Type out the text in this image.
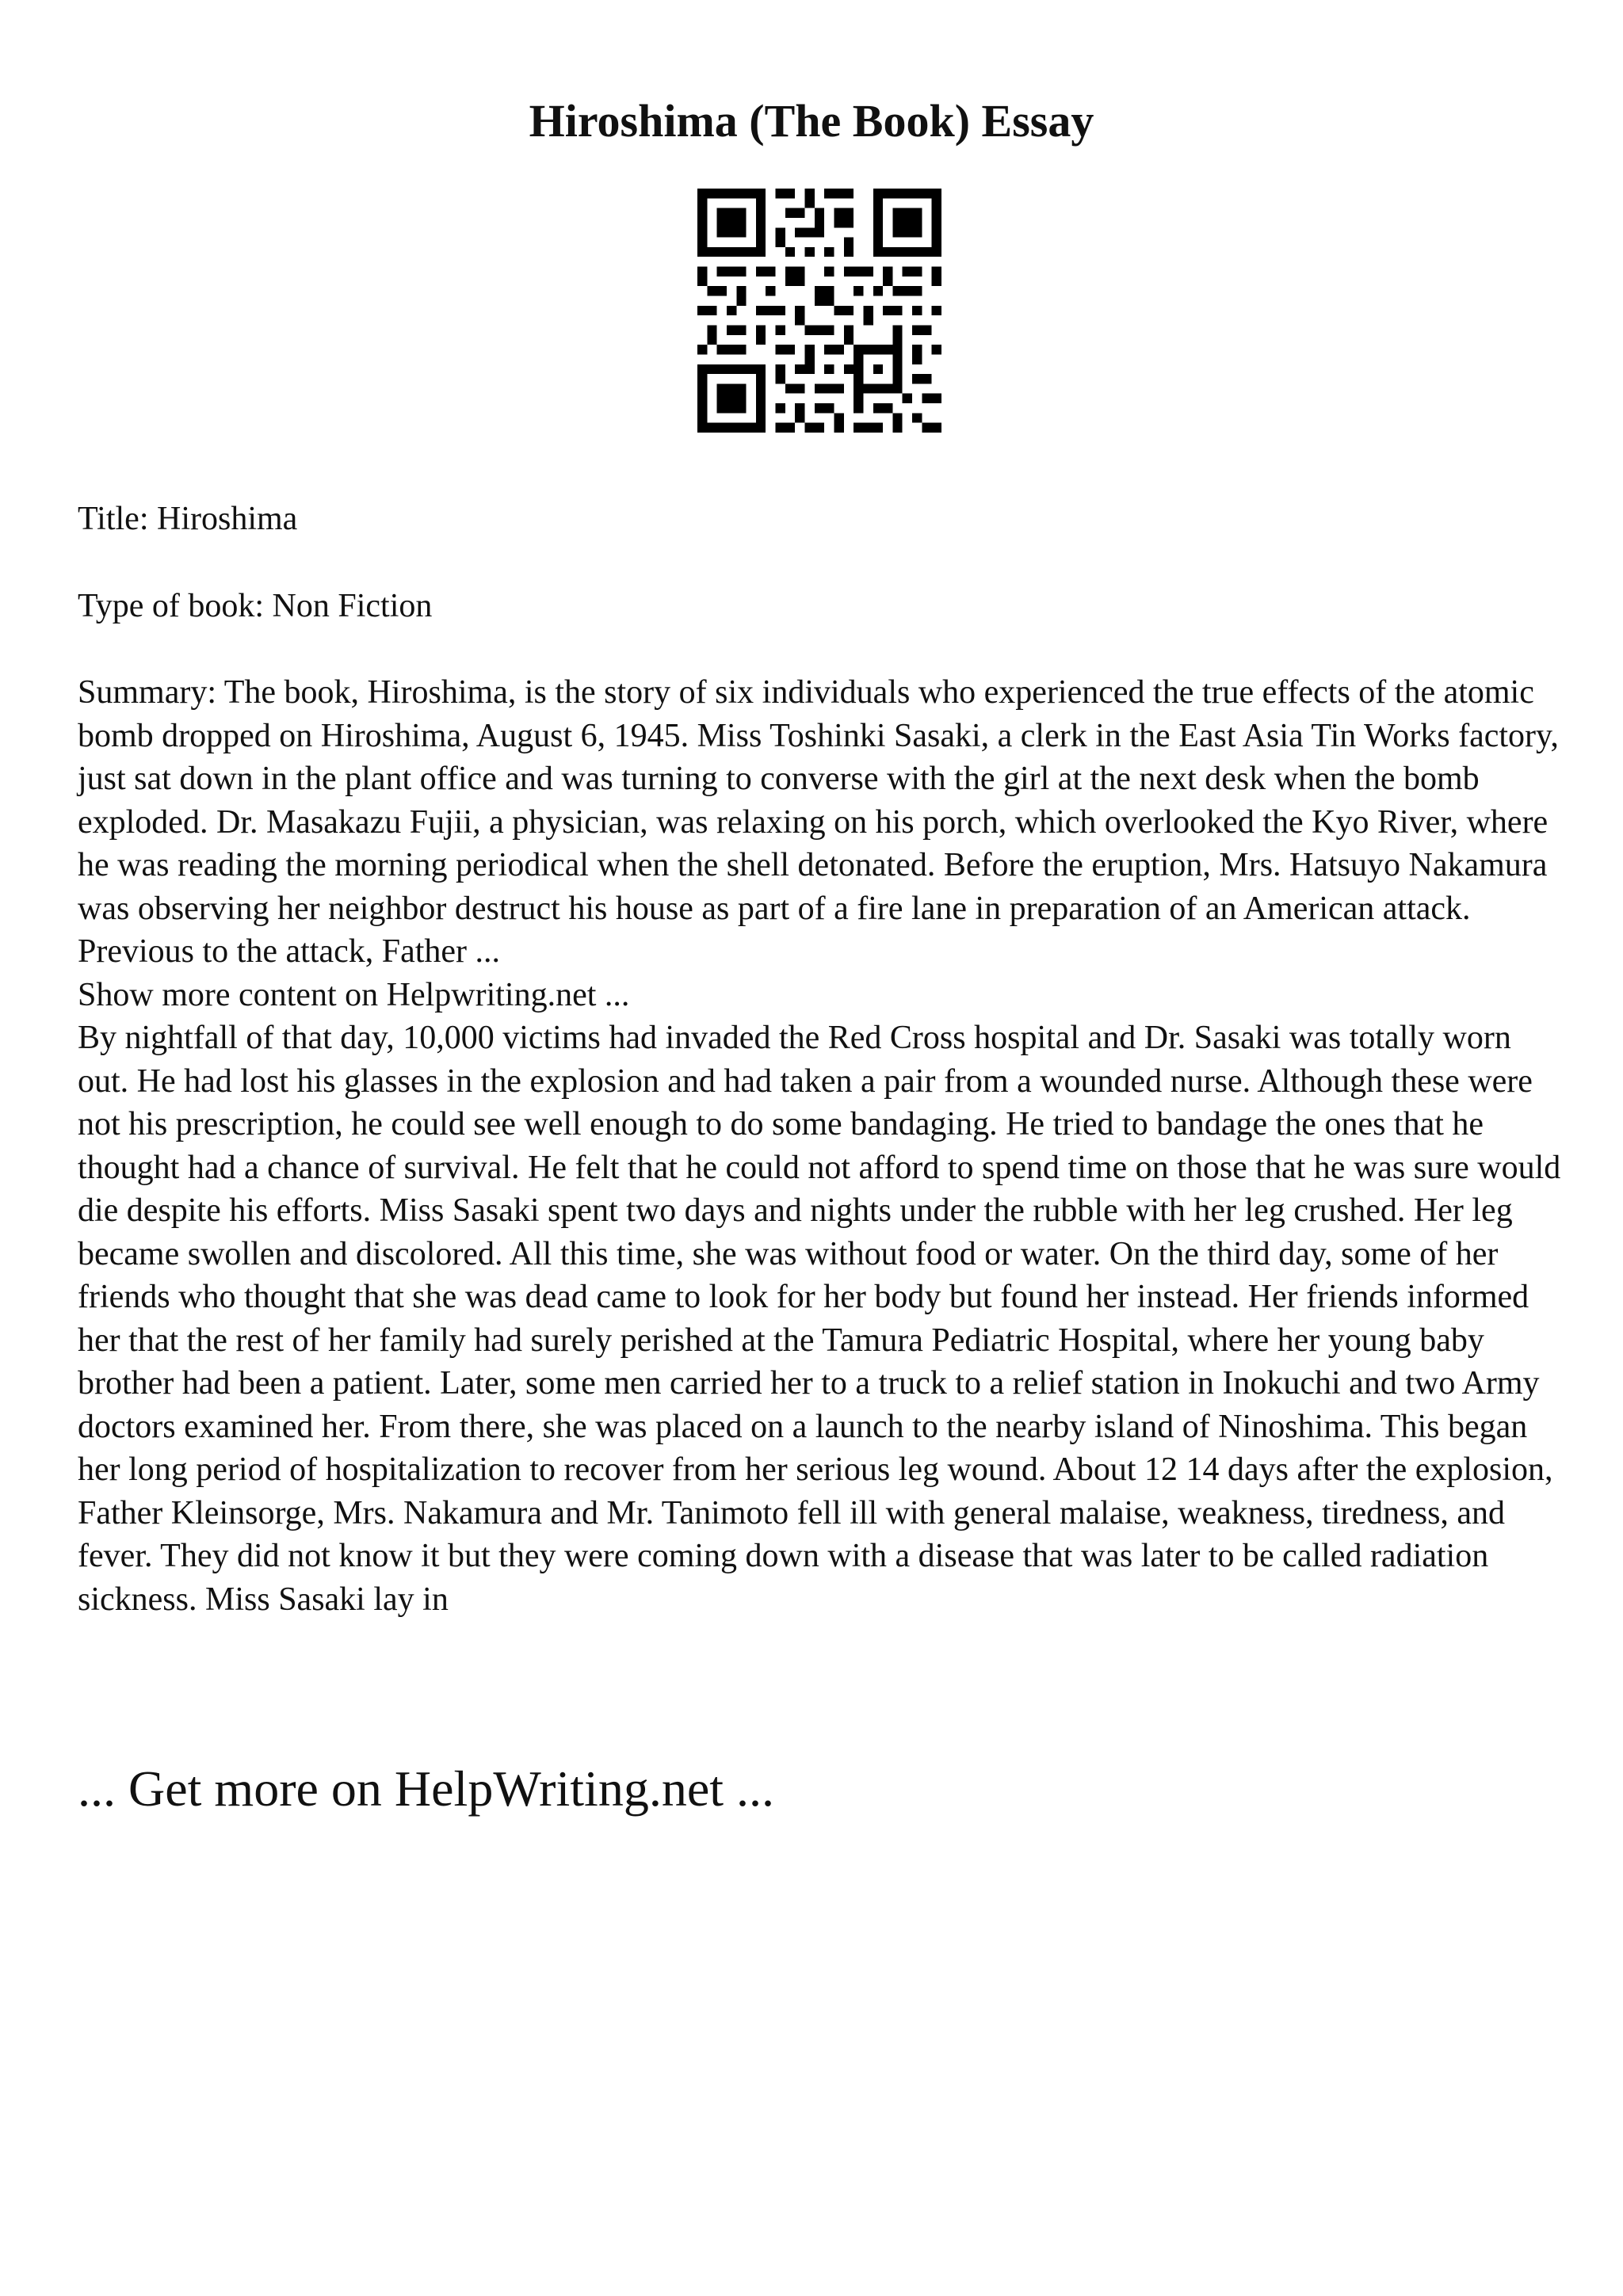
Hiroshima (The Book) Essay

Title: Hiroshima

Type of book: Non Fiction

Summary: The book, Hiroshima, is the story of six individuals who experienced the true effects of the atomic bomb dropped on Hiroshima, August 6, 1945. Miss Toshinki Sasaki, a clerk in the East Asia Tin Works factory, just sat down in the plant office and was turning to converse with the girl at the next desk when the bomb exploded. Dr. Masakazu Fujii, a physician, was relaxing on his porch, which overlooked the Kyo River, where he was reading the morning periodical when the shell detonated. Before the eruption, Mrs. Hatsuyo Nakamura was observing her neighbor destruct his house as part of a fire lane in preparation of an American attack. Previous to the attack, Father ...

Show more content on Helpwriting.net ...

By nightfall of that day, 10,000 victims had invaded the Red Cross hospital and Dr. Sasaki was totally worn out. He had lost his glasses in the explosion and had taken a pair from a wounded nurse. Although these were not his prescription, he could see well enough to do some bandaging. He tried to bandage the ones that he thought had a chance of survival. He felt that he could not afford to spend time on those that he was sure would die despite his efforts. Miss Sasaki spent two days and nights under the rubble with her leg crushed. Her leg became swollen and discolored. All this time, she was without food or water. On the third day, some of her friends who thought that she was dead came to look for her body but found her instead. Her friends informed her that the rest of her family had surely perished at the Tamura Pediatric Hospital, where her young baby brother had been a patient. Later, some men carried her to a truck to a relief station in Inokuchi and two Army doctors examined her. From there, she was placed on a launch to the nearby island of Ninoshima. This began her long period of hospitalization to recover from her serious leg wound. About 12 14 days after the explosion, Father Kleinsorge, Mrs. Nakamura and Mr. Tanimoto fell ill with general malaise, weakness, tiredness, and fever. They did not know it but they were coming down with a disease that was later to be called radiation sickness. Miss Sasaki lay in

... Get more on HelpWriting.net ...
